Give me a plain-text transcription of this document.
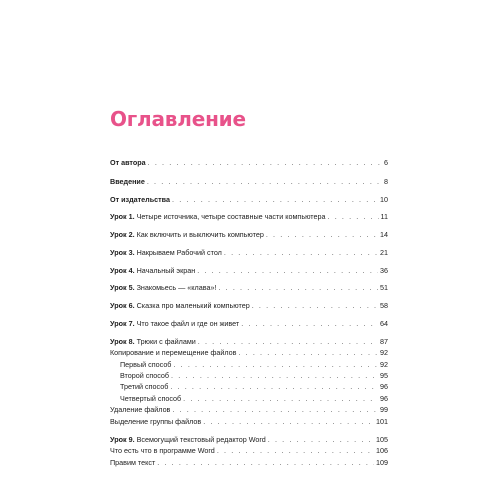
Оглавление
От автора . . .	6
Введение . . .	8
От издательства . . .	10
Урок 1. Четыре источника, четыре составные части компьютера . . .	11
Урок 2. Как включить и выключить компьютер . . .	14
Урок 3. Накрываем Рабочий стол . . .	21
Урок 4. Начальный экран . . .	36
Урок 5. Знакомьесь — «клава»! . . .	51
Урок 6. Сказка про маленький компьютер . . .	58
Урок 7. Что такое файл и где он живет . . .	64
Урок 8. Трюки с файлами . . .	87
Копирование и перемещение файлов . . .	92
Первый способ . . .	92
Второй способ . . .	95
Третий способ . . .	96
Четвертый способ . . .	96
Удаление файлов . . .	99
Выделение группы файлов . . .	101
Урок 9. Всемогущий текстовый редактор Word . . .	105
Что есть что в программе Word . . .	106
Правим текст . . .	109
